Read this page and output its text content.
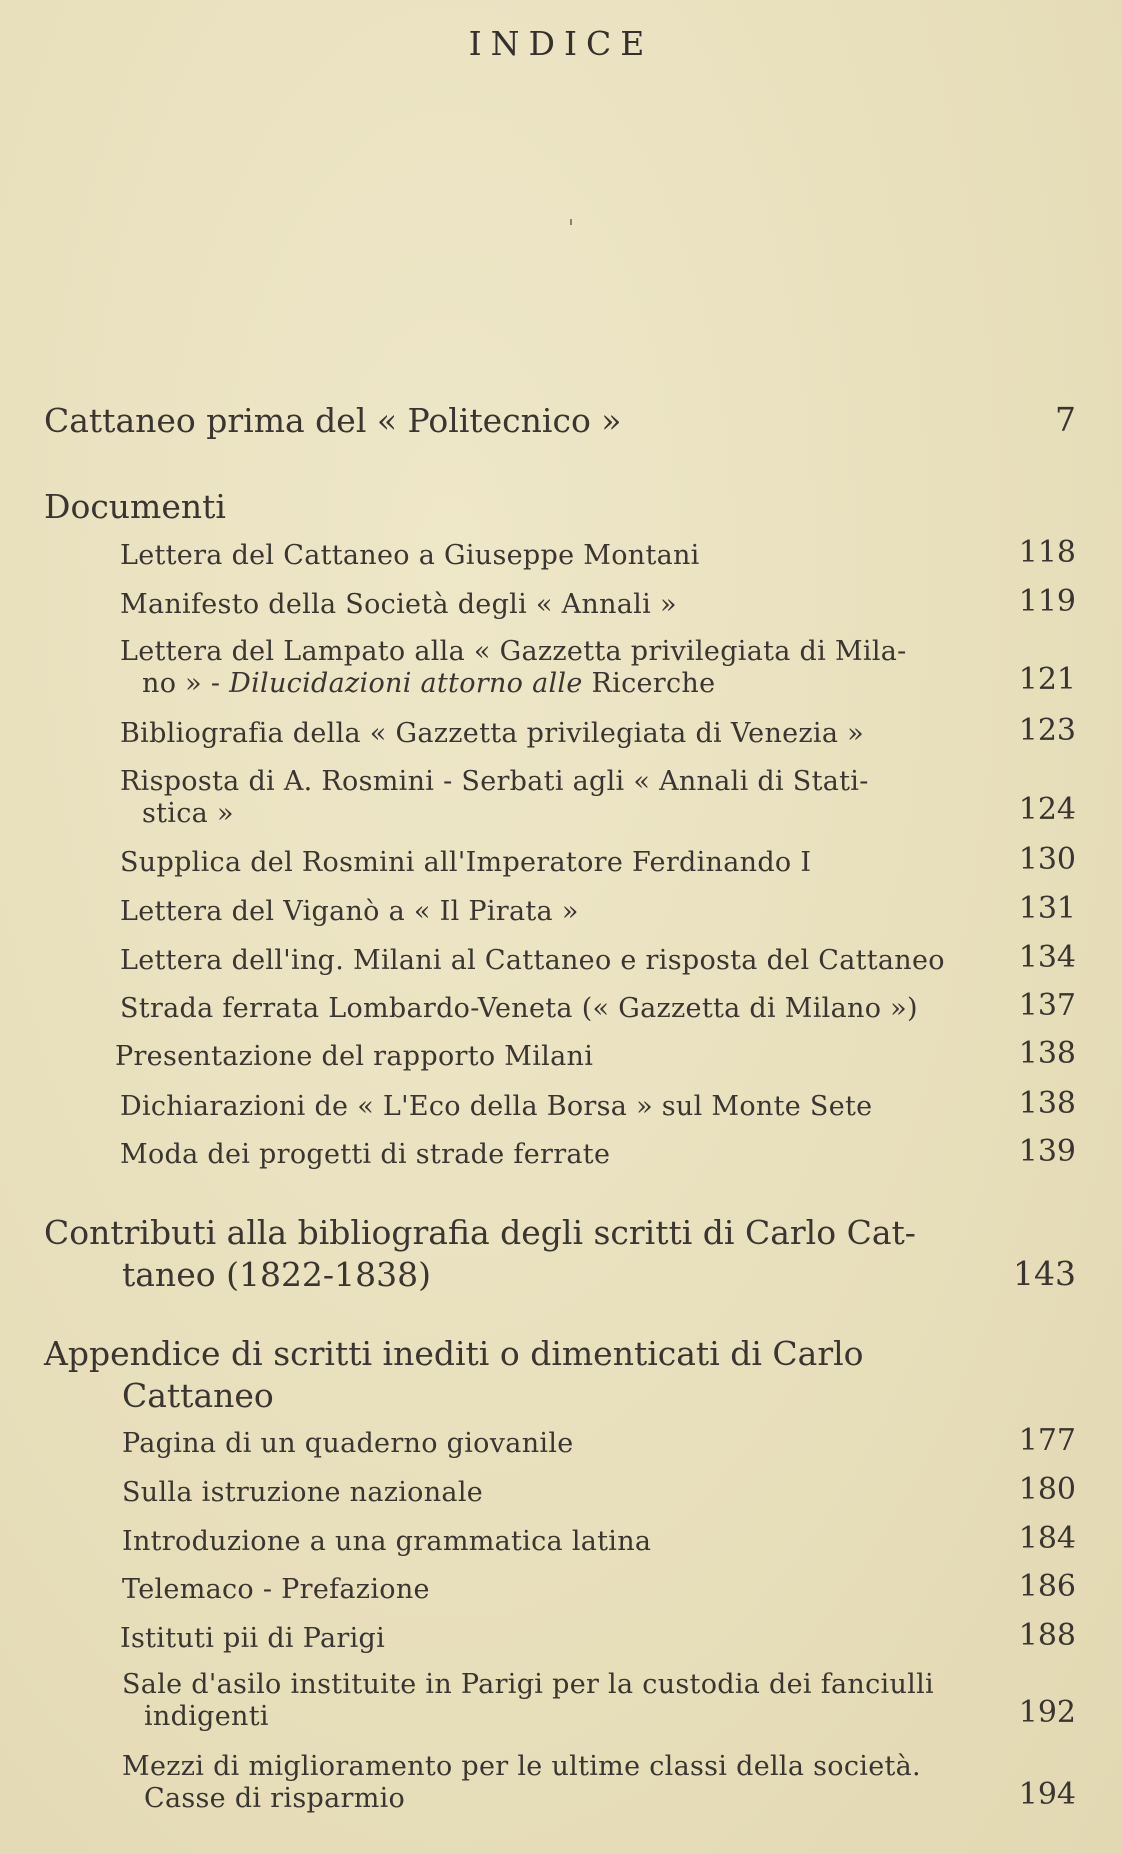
INDICE
Cattaneo prima del « Politecnico »	7
Documenti
Lettera del Cattaneo a Giuseppe Montani	118
Manifesto della Società degli « Annali »	119
Lettera del Lampato alla « Gazzetta privilegiata di Mila-
no » - Dilucidazioni attorno alle Ricerche	121
Bibliografia della « Gazzetta privilegiata di Venezia »	123
Risposta di A. Rosmini - Serbati agli « Annali di Stati-
stica »	124
Supplica del Rosmini all'Imperatore Ferdinando I	130
Lettera del Viganò a « Il Pirata »	131
Lettera dell'ing. Milani al Cattaneo e risposta del Cattaneo	134
Strada ferrata Lombardo-Veneta (« Gazzetta di Milano »)	137
Presentazione del rapporto Milani	138
Dichiarazioni de « L'Eco della Borsa » sul Monte Sete	138
Moda dei progetti di strade ferrate	139
Contributi alla bibliografia degli scritti di Carlo Cat-
taneo (1822-1838)	143
Appendice di scritti inediti o dimenticati di Carlo
Cattaneo
Pagina di un quaderno giovanile	177
Sulla istruzione nazionale	180
Introduzione a una grammatica latina	184
Telemaco - Prefazione	186
Istituti pii di Parigi	188
Sale d'asilo instituite in Parigi per la custodia dei fanciulli
indigenti	192
Mezzi di miglioramento per le ultime classi della società.
Casse di risparmio	194
